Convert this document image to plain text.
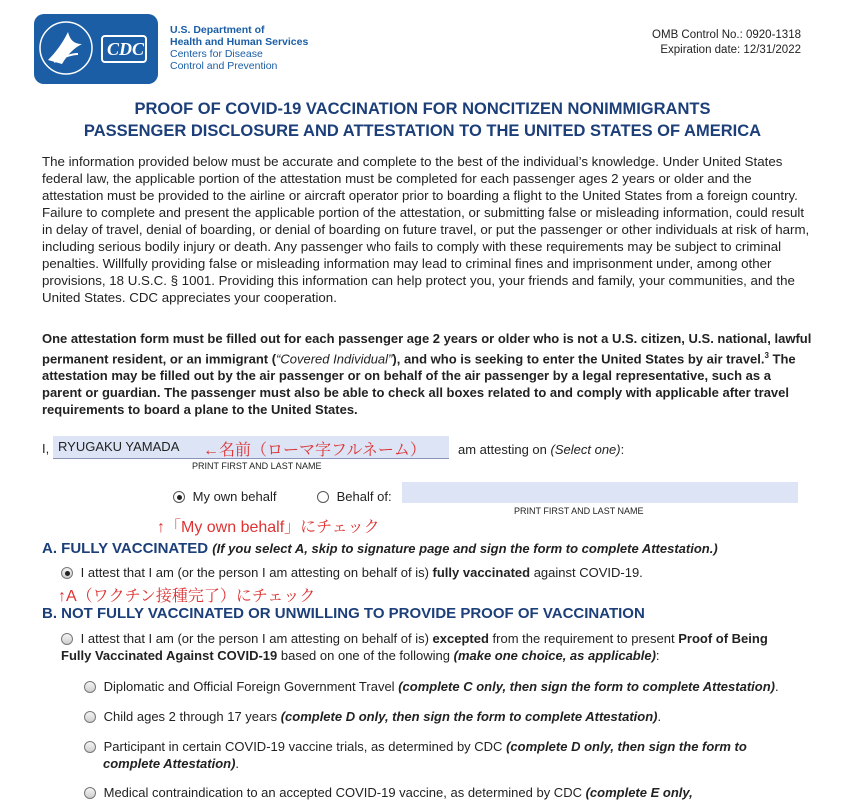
CDC
U.S. Department of
Health and Human Services
Centers for Disease
Control and Prevention
OMB Control No.: 0920-1318
Expiration date: 12/31/2022
PROOF OF COVID-19 VACCINATION FOR NONCITIZEN NONIMMIGRANTS
PASSENGER DISCLOSURE AND ATTESTATION TO THE UNITED STATES OF AMERICA
The information provided below must be accurate and complete to the best of the individual’s knowledge. Under United States federal law, the applicable portion of the attestation must be completed for each passenger ages 2 years or older and the attestation must be provided to the airline or aircraft operator prior to boarding a flight to the United States from a foreign country. Failure to complete and present the applicable portion of the attestation, or submitting false or misleading information, could result in delay of travel, denial of boarding, or denial of boarding on future travel, or put the passenger or other individuals at risk of harm, including serious bodily injury or death. Any passenger who fails to comply with these requirements may be subject to criminal penalties. Willfully providing false or misleading information may lead to criminal fines and imprisonment under, among other provisions, 18 U.S.C. § 1001. Providing this information can help protect you, your friends and family, your communities, and the United States. CDC appreciates your cooperation.
One attestation form must be filled out for each passenger age 2 years or older who is not a U.S. citizen, U.S. national, lawful permanent resident, or an immigrant (“Covered Individual”), and who is seeking to enter the United States by air travel.$^3$ The attestation may be filled out by the air passenger or on behalf of the air passenger by a legal representative, such as a parent or guardian. The passenger must also be able to check all boxes related to and comply with applicable after travel requirements to board a plane to the United States.
I, RYUGAKU YAMADA ←名前（ローマ字フルネーム） am attesting on (Select one):
PRINT FIRST AND LAST NAME
My own behalf	Behalf of:
PRINT FIRST AND LAST NAME
↑「My own behalf」にチェック
A. FULLY VACCINATED (If you select A, skip to signature page and sign the form to complete Attestation.)
I attest that I am (or the person I am attesting on behalf of is) fully vaccinated against COVID-19.
↑A（ワクチン接種完了）にチェック
B. NOT FULLY VACCINATED OR UNWILLING TO PROVIDE PROOF OF VACCINATION
I attest that I am (or the person I am attesting on behalf of is) excepted from the requirement to present Proof of Being Fully Vaccinated Against COVID-19 based on one of the following (make one choice, as applicable):
Diplomatic and Official Foreign Government Travel (complete C only, then sign the form to complete Attestation).
Child ages 2 through 17 years (complete D only, then sign the form to complete Attestation).
Participant in certain COVID-19 vaccine trials, as determined by CDC (complete D only, then sign the form to complete Attestation).
Medical contraindication to an accepted COVID-19 vaccine, as determined by CDC (complete E only,
